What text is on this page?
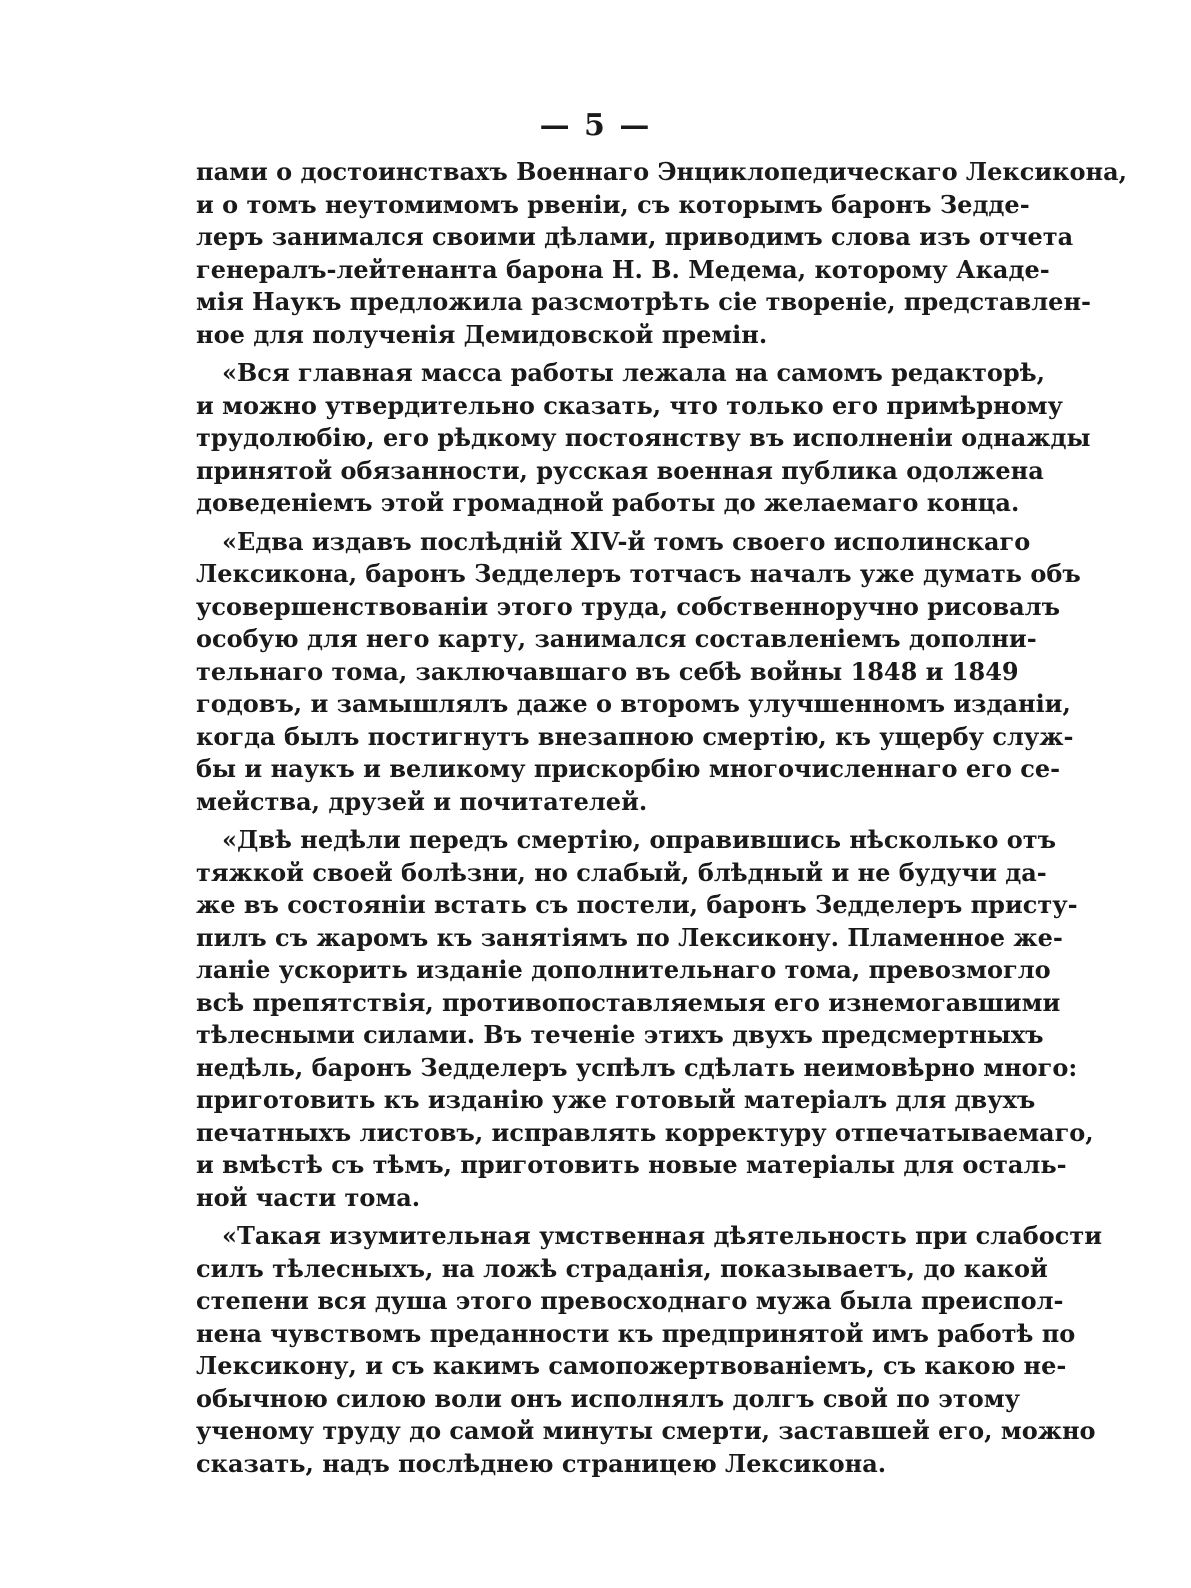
— 5 —
пами о достоинствахъ Военнаго Энциклопедическаго Лексикона,
и о томъ неутомимомъ рвеніи, съ которымъ баронъ Зедде-
леръ занимался своими дѣлами, приводимъ слова изъ отчета
генералъ-лейтенанта барона Н. В. Медема, которому Акаде-
мія Наукъ предложила разсмотрѣть сіе твореніе, представлен-
ное для полученія Демидовской премін.
«Вся главная масса работы лежала на самомъ редакторѣ,
и можно утвердительно сказать, что только его примѣрному
трудолюбію, его рѣдкому постоянству въ исполненіи однажды
принятой обязанности, русская военная публика одолжена
доведеніемъ этой громадной работы до желаемаго конца.
«Едва издавъ послѣдній XIV-й томъ своего исполинскаго
Лексикона, баронъ Зедделеръ тотчасъ началъ уже думать объ
усовершенствованіи этого труда, собственноручно рисовалъ
особую для него карту, занимался составленіемъ дополни-
тельнаго тома, заключавшаго въ себѣ войны 1848 и 1849
годовъ, и замышлялъ даже о второмъ улучшенномъ изданіи,
когда былъ постигнутъ внезапною смертію, къ ущербу служ-
бы и наукъ и великому прискорбію многочисленнаго его се-
мейства, друзей и почитателей.
«Двѣ недѣли передъ смертію, оправившись нѣсколько отъ
тяжкой своей болѣзни, но слабый, блѣдный и не будучи да-
же въ состояніи встать съ постели, баронъ Зедделеръ присту-
пилъ съ жаромъ къ занятіямъ по Лексикону. Пламенное же-
ланіе ускорить изданіе дополнительнаго тома, превозмогло
всѣ препятствія, противопоставляемыя его изнемогавшими
тѣлесными силами. Въ теченіе этихъ двухъ предсмертныхъ
недѣль, баронъ Зедделеръ успѣлъ сдѣлать неимовѣрно много:
приготовить къ изданію уже готовый матеріалъ для двухъ
печатныхъ листовъ, исправлять корректуру отпечатываемаго,
и вмѣстѣ съ тѣмъ, приготовить новые матеріалы для осталь-
ной части тома.
«Такая изумительная умственная дѣятельность при слабости
силъ тѣлесныхъ, на ложѣ страданія, показываетъ, до какой
степени вся душа этого превосходнаго мужа была преиспол-
нена чувствомъ преданности къ предпринятой имъ работѣ по
Лексикону, и съ какимъ самопожертвованіемъ, съ какою не-
обычною силою воли онъ исполнялъ долгъ свой по этому
ученому труду до самой минуты смерти, заставшей его, можно
сказать, надъ послѣднею страницею Лексикона.
